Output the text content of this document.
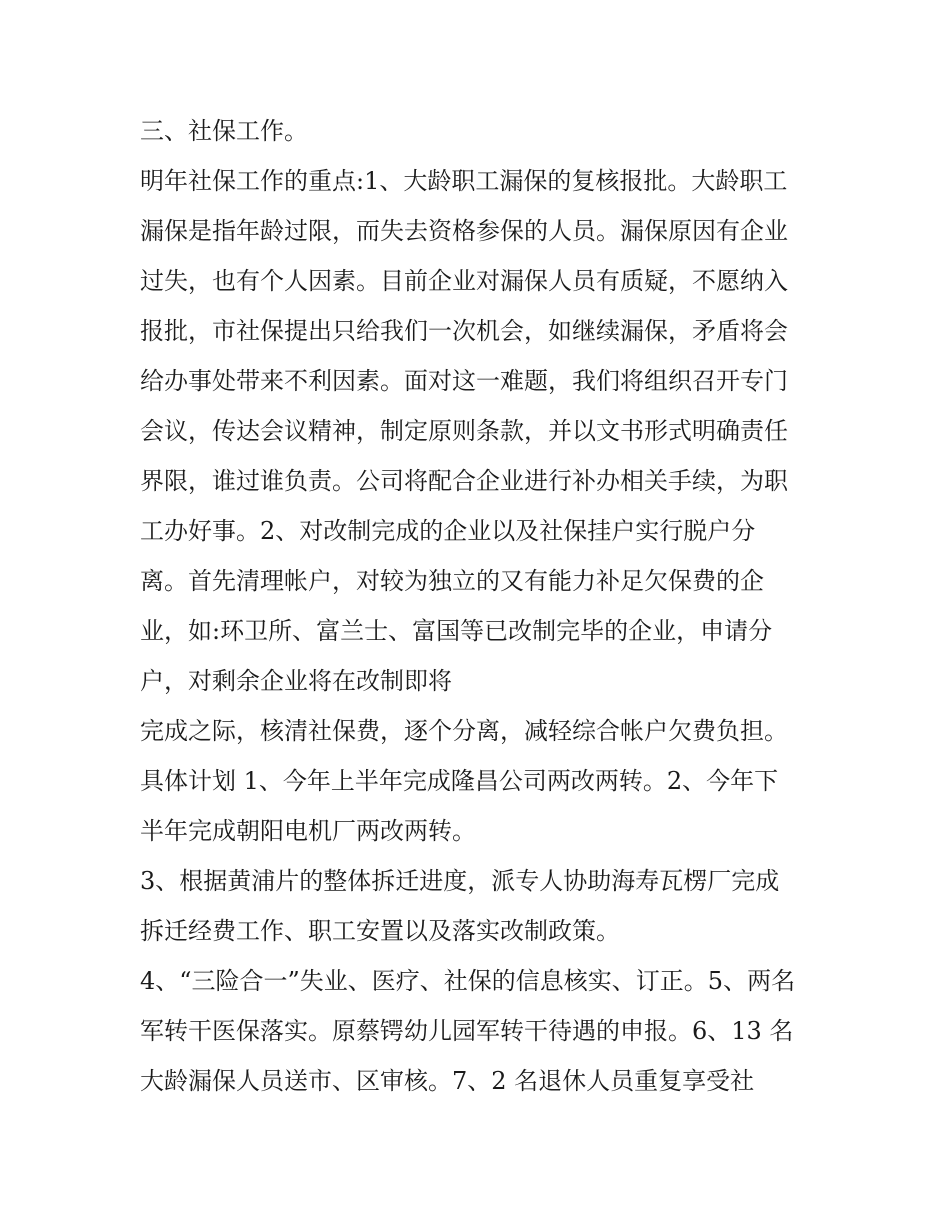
三、社保工作。
明年社保工作的重点:1、大龄职工漏保的复核报批。大龄职工
漏保是指年龄过限，而失去资格参保的人员。漏保原因有企业
过失，也有个人因素。目前企业对漏保人员有质疑，不愿纳入
报批，市社保提出只给我们一次机会，如继续漏保，矛盾将会
给办事处带来不利因素。面对这一难题，我们将组织召开专门
会议，传达会议精神，制定原则条款，并以文书形式明确责任
界限，谁过谁负责。公司将配合企业进行补办相关手续，为职
工办好事。2、对改制完成的企业以及社保挂户实行脱户分
离。首先清理帐户，对较为独立的又有能力补足欠保费的企
业，如:环卫所、富兰士、富国等已改制完毕的企业，申请分
户，对剩余企业将在改制即将
完成之际，核清社保费，逐个分离，减轻综合帐户欠费负担。
具体计划 1、今年上半年完成隆昌公司两改两转。2、今年下
半年完成朝阳电机厂两改两转。
3、根据黄浦片的整体拆迁进度，派专人协助海寿瓦楞厂完成
拆迁经费工作、职工安置以及落实改制政策。
4、“三险合一”失业、医疗、社保的信息核实、订正。5、两名
军转干医保落实。原蔡锷幼儿园军转干待遇的申报。6、13 名
大龄漏保人员送市、区审核。7、2 名退休人员重复享受社
